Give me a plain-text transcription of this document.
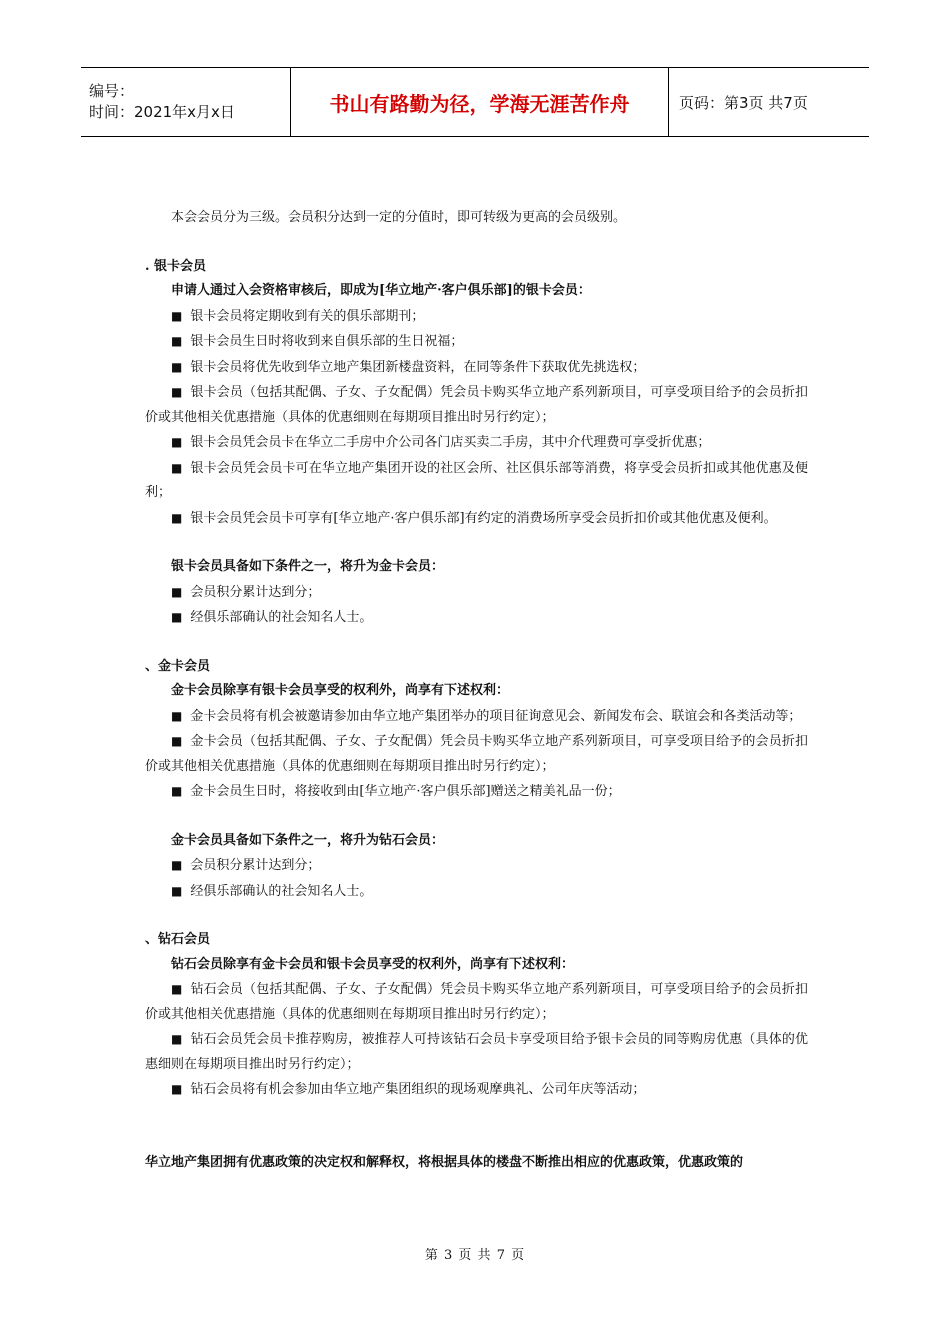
编号：
时间：2021年x月x日	书山有路勤为径，学海无涯苦作舟	页码：第3页 共7页

本会会员分为三级。会员积分达到一定的分值时，即可转级为更高的会员级别。

. 银卡会员

申请人通过入会资格审核后，即成为[华立地产·客户俱乐部]的银卡会员：

■ 银卡会员将定期收到有关的俱乐部期刊；

■ 银卡会员生日时将收到来自俱乐部的生日祝福；

■ 银卡会员将优先收到华立地产集团新楼盘资料，在同等条件下获取优先挑选权；

■ 银卡会员（包括其配偶、子女、子女配偶）凭会员卡购买华立地产系列新项目，可享受项目给予的会员折扣价或其他相关优惠措施（具体的优惠细则在每期项目推出时另行约定）；

■ 银卡会员凭会员卡在华立二手房中介公司各门店买卖二手房，其中介代理费可享受折优惠；

■ 银卡会员凭会员卡可在华立地产集团开设的社区会所、社区俱乐部等消费，将享受会员折扣或其他优惠及便利；

■ 银卡会员凭会员卡可享有[华立地产·客户俱乐部]有约定的消费场所享受会员折扣价或其他优惠及便利。

银卡会员具备如下条件之一，将升为金卡会员：

■ 会员积分累计达到分；

■ 经俱乐部确认的社会知名人士。

、金卡会员

金卡会员除享有银卡会员享受的权利外，尚享有下述权利：

■ 金卡会员将有机会被邀请参加由华立地产集团举办的项目征询意见会、新闻发布会、联谊会和各类活动等；

■ 金卡会员（包括其配偶、子女、子女配偶）凭会员卡购买华立地产系列新项目，可享受项目给予的会员折扣价或其他相关优惠措施（具体的优惠细则在每期项目推出时另行约定）；

■ 金卡会员生日时，将接收到由[华立地产·客户俱乐部]赠送之精美礼品一份；

金卡会员具备如下条件之一，将升为钻石会员：

■ 会员积分累计达到分；

■ 经俱乐部确认的社会知名人士。

、钻石会员

钻石会员除享有金卡会员和银卡会员享受的权利外，尚享有下述权利：

■ 钻石会员（包括其配偶、子女、子女配偶）凭会员卡购买华立地产系列新项目，可享受项目给予的会员折扣价或其他相关优惠措施（具体的优惠细则在每期项目推出时另行约定）；

■ 钻石会员凭会员卡推荐购房，被推荐人可持该钻石会员卡享受项目给予银卡会员的同等购房优惠（具体的优惠细则在每期项目推出时另行约定）；

■ 钻石会员将有机会参加由华立地产集团组织的现场观摩典礼、公司年庆等活动；

华立地产集团拥有优惠政策的决定权和解释权，将根据具体的楼盘不断推出相应的优惠政策，优惠政策的

第 3 页 共 7 页
